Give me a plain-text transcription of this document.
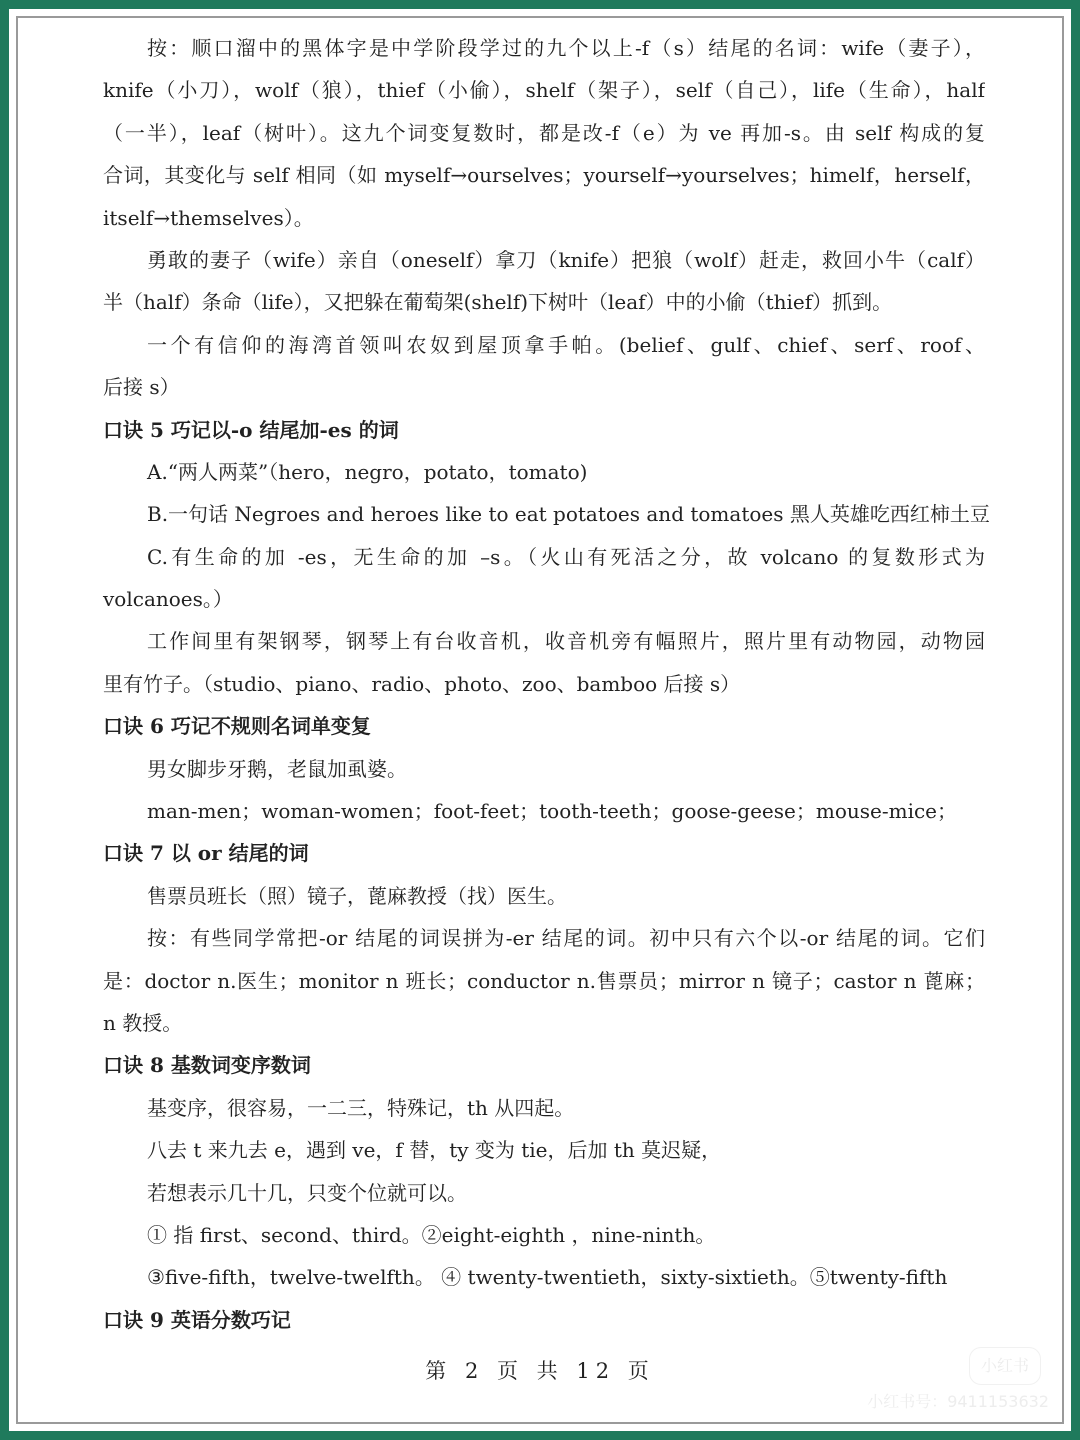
按：顺口溜中的黑体字是中学阶段学过的九个以上-f（s）结尾的名词：wife（妻子），
knife（小刀），wolf（狼），thief（小偷），shelf（架子），self（自己），life（生命），half
（一半），leaf（树叶）。这九个词变复数时，都是改-f（e）为 ve 再加-s。由 self 构成的复
合词，其变化与 self 相同（如 myself→ourselves；yourself→yourselves；himelf，herself，
itself→themselves）。
勇敢的妻子（wife）亲自（oneself）拿刀（knife）把狼（wolf）赶走，救回小牛（calf）
半（half）条命（life），又把躲在葡萄架(shelf)下树叶（leaf）中的小偷（thief）抓到。
一个有信仰的海湾首领叫农奴到屋顶拿手帕。(belief、gulf、chief、serf、roof、
后接 s）
口诀 5 巧记以-o 结尾加-es 的词
A.“两人两菜”（hero，negro，potato，tomato)
B.一句话 Negroes and heroes like to eat potatoes and tomatoes 黑人英雄吃西红柿土豆
C.有生命的加 -es，无生命的加 –s。（火山有死活之分，故 volcano 的复数形式为
volcanoes。）
工作间里有架钢琴，钢琴上有台收音机，收音机旁有幅照片，照片里有动物园，动物园
里有竹子。（studio、piano、radio、photo、zoo、bamboo 后接 s）
口诀 6 巧记不规则名词单变复
男女脚步牙鹅，老鼠加虱婆。
man-men；woman-women；foot-feet；tooth-teeth；goose-geese；mouse-mice；
口诀 7 以 or 结尾的词
售票员班长（照）镜子，蓖麻教授（找）医生。
按：有些同学常把-or 结尾的词误拼为-er 结尾的词。初中只有六个以-or 结尾的词。它们
是：doctor n.医生；monitor n 班长；conductor n.售票员；mirror n 镜子；castor n 蓖麻；
n 教授。
口诀 8 基数词变序数词
基变序，很容易，一二三，特殊记，th 从四起。
八去 t 来九去 e，遇到 ve，f 替，ty 变为 tie，后加 th 莫迟疑，
若想表示几十几，只变个位就可以。
① 指 first、second、third。②eight-eighth ，nine-ninth。
③five-fifth，twelve-twelfth。 ④ twenty-twentieth，sixty-sixtieth。⑤twenty-fifth
口诀 9 英语分数巧记
第 2 页 共 12 页	小红书
小红书号：9411153632
